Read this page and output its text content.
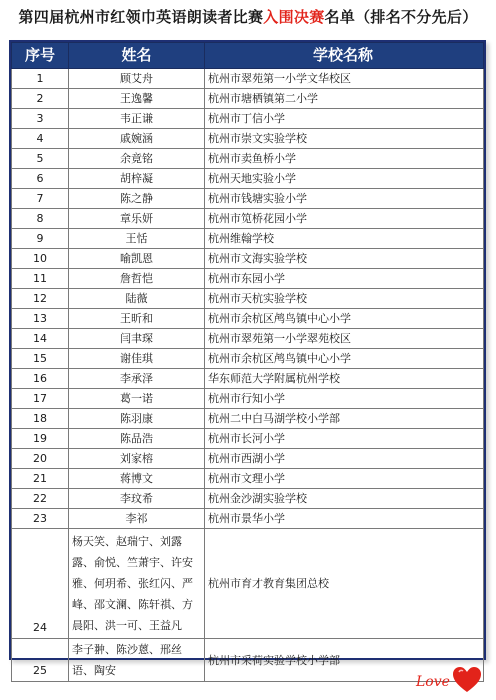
第四届杭州市红领巾英语朗读者比赛入围决赛名单（排名不分先后）
序号	姓名	学校名称
1	顾艾舟	杭州市翠苑第一小学文华校区
2	王逸馨	杭州市塘栖镇第二小学
3	韦正谦	杭州市丁信小学
4	戚婉涵	杭州市崇文实验学校
5	余竟铭	杭州市卖鱼桥小学
6	胡梓凝	杭州天地实验小学
7	陈之静	杭州市钱塘实验小学
8	章乐妍	杭州市笕桥花园小学
9	王恬	杭州维翰学校
10	喻凯恩	杭州市文海实验学校
11	詹哲恺	杭州市东园小学
12	陆薇	杭州市天杭实验学校
13	王昕和	杭州市余杭区鸬鸟镇中心小学
14	闫聿琛	杭州市翠苑第一小学翠苑校区
15	谢佳琪	杭州市余杭区鸬鸟镇中心小学
16	李承泽	华东师范大学附属杭州学校
17	葛一诺	杭州市行知小学
18	陈羽康	杭州二中白马湖学校小学部
19	陈品浩	杭州市长河小学
20	刘家榕	杭州市西湖小学
21	蒋博文	杭州市文理小学
22	李玟希	杭州金沙湖实验学校
23	李祁	杭州市景华小学
24	杨天笑、赵瑞宁、刘露露、俞悦、竺萧宇、许安雅、何玥希、张红闪、严峰、邵文澜、陈轩祺、方晨阳、洪一可、王益凡	杭州市育才教育集团总校
25	李子翀、陈沙蒽、邢丝语、陶安	杭州市采荷实验学校小学部
Love
